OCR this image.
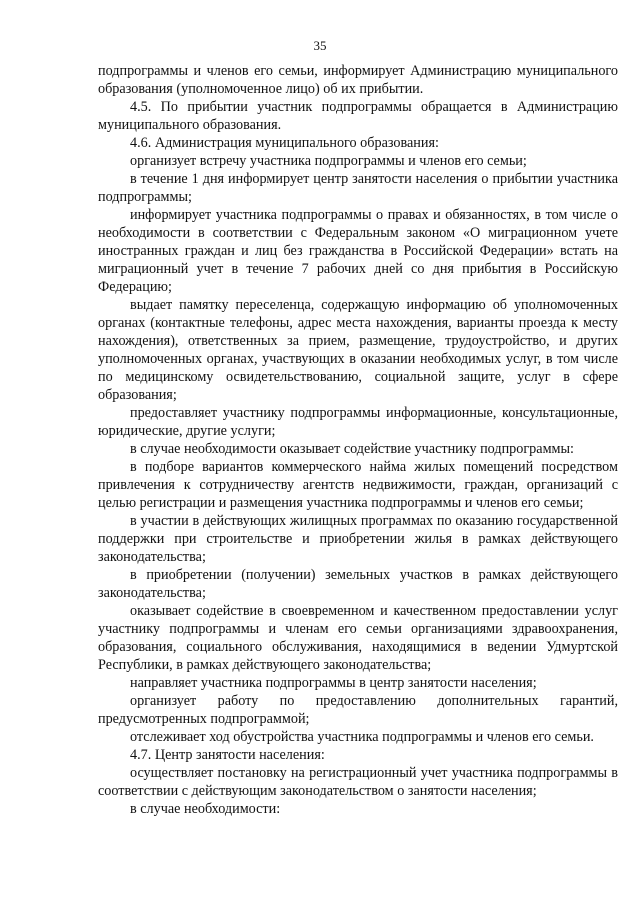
35

подпрограммы и членов его семьи, информирует Администрацию муниципального образования (уполномоченное лицо) об их прибытии.

4.5. По прибытии участник подпрограммы обращается в Администрацию муниципального образования.

4.6. Администрация муниципального образования:

организует встречу участника подпрограммы и членов его семьи;

в течение 1 дня информирует центр занятости населения о прибытии участника подпрограммы;

информирует участника подпрограммы о правах и обязанностях, в том числе о необходимости в соответствии с Федеральным законом «О миграционном учете иностранных граждан и лиц без гражданства в Российской Федерации» встать на миграционный учет в течение 7 рабочих дней со дня прибытия в Российскую Федерацию;

выдает памятку переселенца, содержащую информацию об уполномоченных органах (контактные телефоны, адрес места нахождения, варианты проезда к месту нахождения), ответственных за прием, размещение, трудоустройство, и других уполномоченных органах, участвующих в оказании необходимых услуг, в том числе по медицинскому освидетельствованию, социальной защите, услуг в сфере образования;

предоставляет участнику подпрограммы информационные, консультационные, юридические, другие услуги;

в случае необходимости оказывает содействие участнику подпрограммы:

в подборе вариантов коммерческого найма жилых помещений посредством привлечения к сотрудничеству агентств недвижимости, граждан, организаций с целью регистрации и размещения участника подпрограммы и членов его семьи;

в участии в действующих жилищных программах по оказанию государственной поддержки при строительстве и приобретении жилья в рамках действующего законодательства;

в приобретении (получении) земельных участков в рамках действующего законодательства;

оказывает содействие в своевременном и качественном предоставлении услуг участнику подпрограммы и членам его семьи организациями здравоохранения, образования, социального обслуживания, находящимися в ведении Удмуртской Республики, в рамках действующего законодательства;

направляет участника подпрограммы в центр занятости населения;

организует работу по предоставлению дополнительных гарантий, предусмотренных подпрограммой;

отслеживает ход обустройства участника подпрограммы и членов его семьи.

4.7. Центр занятости населения:

осуществляет постановку на регистрационный учет участника подпрограммы в соответствии с действующим законодательством о занятости населения;

в случае необходимости:
